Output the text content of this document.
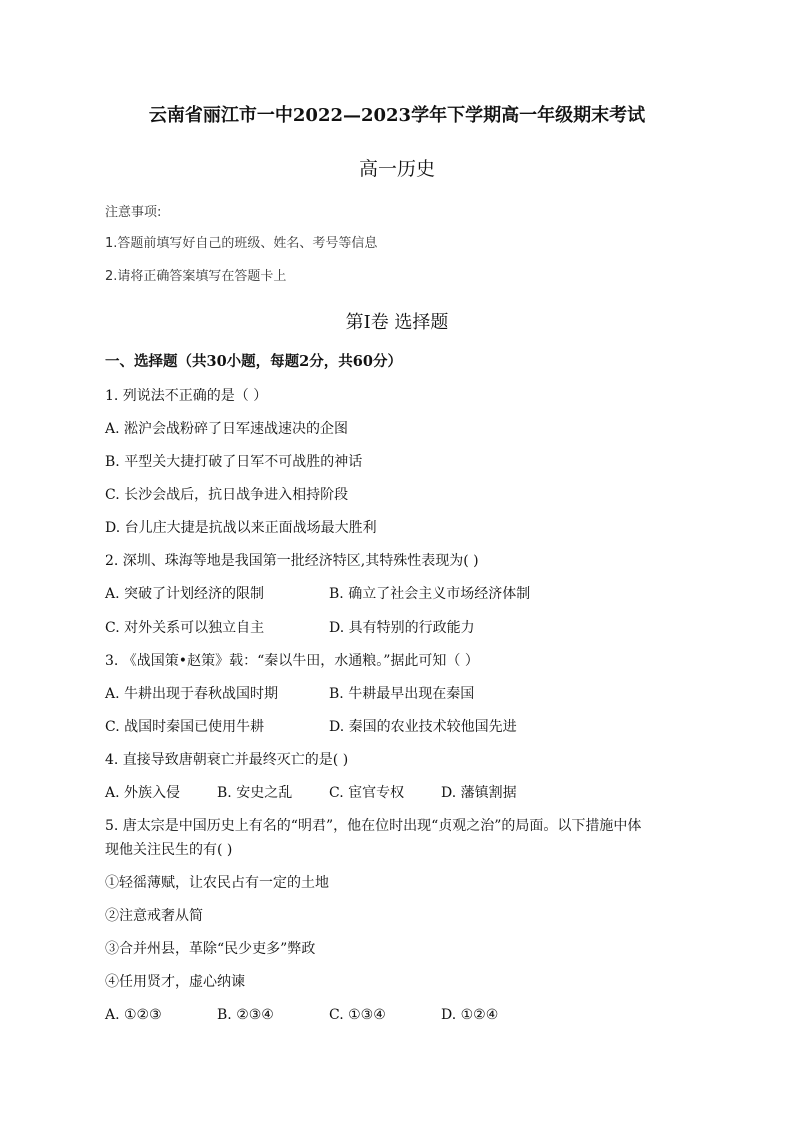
云南省丽江市一中2022—2023学年下学期高一年级期末考试
高一历史
注意事项:
1.答题前填写好自己的班级、姓名、考号等信息
2.请将正确答案填写在答题卡上
第Ⅰ卷 选择题
一、选择题（共30小题，每题2分，共60分）
1. 列说法不正确的是（ ）
A. 淞沪会战粉碎了日军速战速决的企图
B. 平型关大捷打破了日军不可战胜的神话
C. 长沙会战后，抗日战争进入相持阶段
D. 台儿庄大捷是抗战以来正面战场最大胜利
2. 深圳、珠海等地是我国第一批经济特区,其特殊性表现为( )
A. 突破了计划经济的限制	B. 确立了社会主义市场经济体制
C. 对外关系可以独立自主	D. 具有特别的行政能力
3. 《战国策•赵策》载：“秦以牛田，水通粮。”据此可知（ ）
A. 牛耕出现于春秋战国时期	B. 牛耕最早出现在秦国
C. 战国时秦国已使用牛耕	D. 秦国的农业技术较他国先进
4. 直接导致唐朝衰亡并最终灭亡的是( )
A. 外族入侵	B. 安史之乱	C. 宦官专权	D. 藩镇割据
5. 唐太宗是中国历史上有名的“明君”，他在位时出现“贞观之治”的局面。以下措施中体
现他关注民生的有( )
①轻徭薄赋，让农民占有一定的土地
②注意戒奢从简
③合并州县，革除“民少吏多”弊政
④任用贤才，虚心纳谏
A. ①②③	B. ②③④	C. ①③④	D. ①②④
